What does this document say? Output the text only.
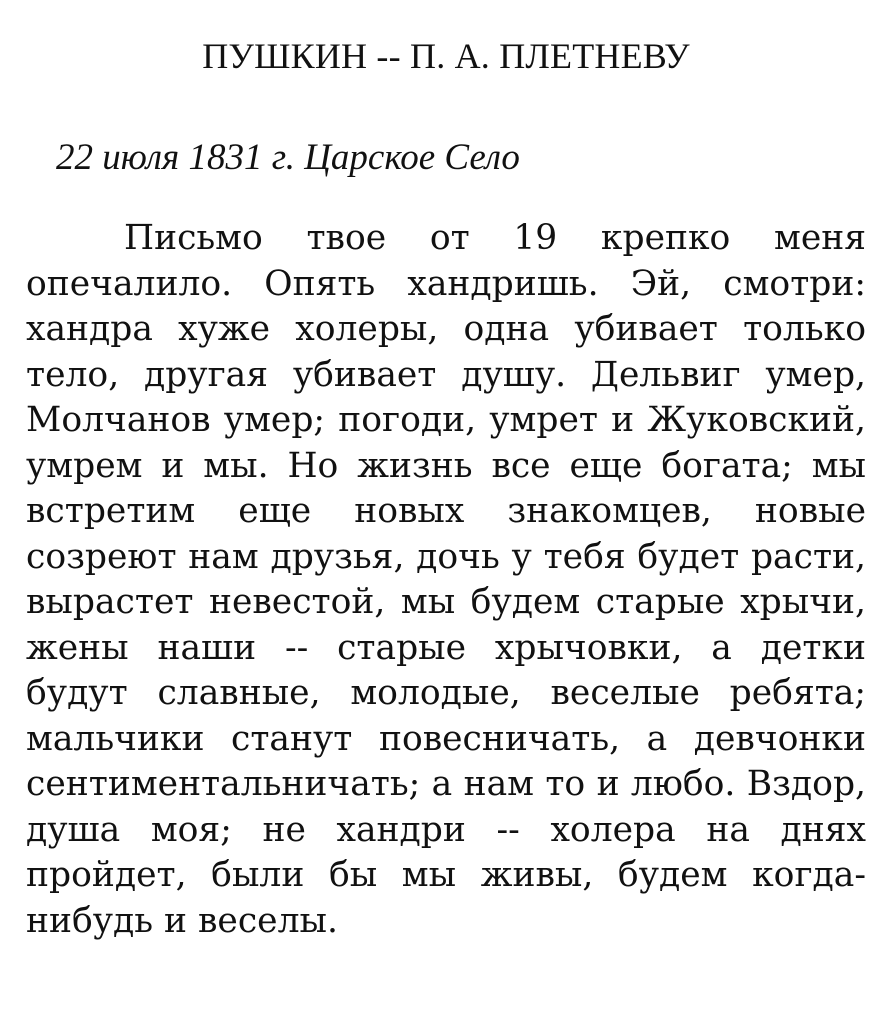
ПУШКИН -- П. А. ПЛЕТНЕВУ

22 июля 1831 г. Царское Село

Письмо твое от 19 крепко меня опечалило. Опять хандришь. Эй, смотри: хандра хуже холеры, одна убивает только тело, другая убивает душу. Дельвиг умер, Молчанов умер; погоди, умрет и Жуковский, умрем и мы. Но жизнь все еще богата; мы встретим еще новых знакомцев, новые созреют нам друзья, дочь у тебя будет расти, вырастет невестой, мы будем старые хрычи, жены наши -- старые хрычовки, а детки будут славные, молодые, веселые ребята; мальчики станут повесничать, а девчонки сентиментальничать; а нам то и любо. Вздор, душа моя; не хандри -- холера на днях пройдет, были бы мы живы, будем когда-нибудь и веселы.
